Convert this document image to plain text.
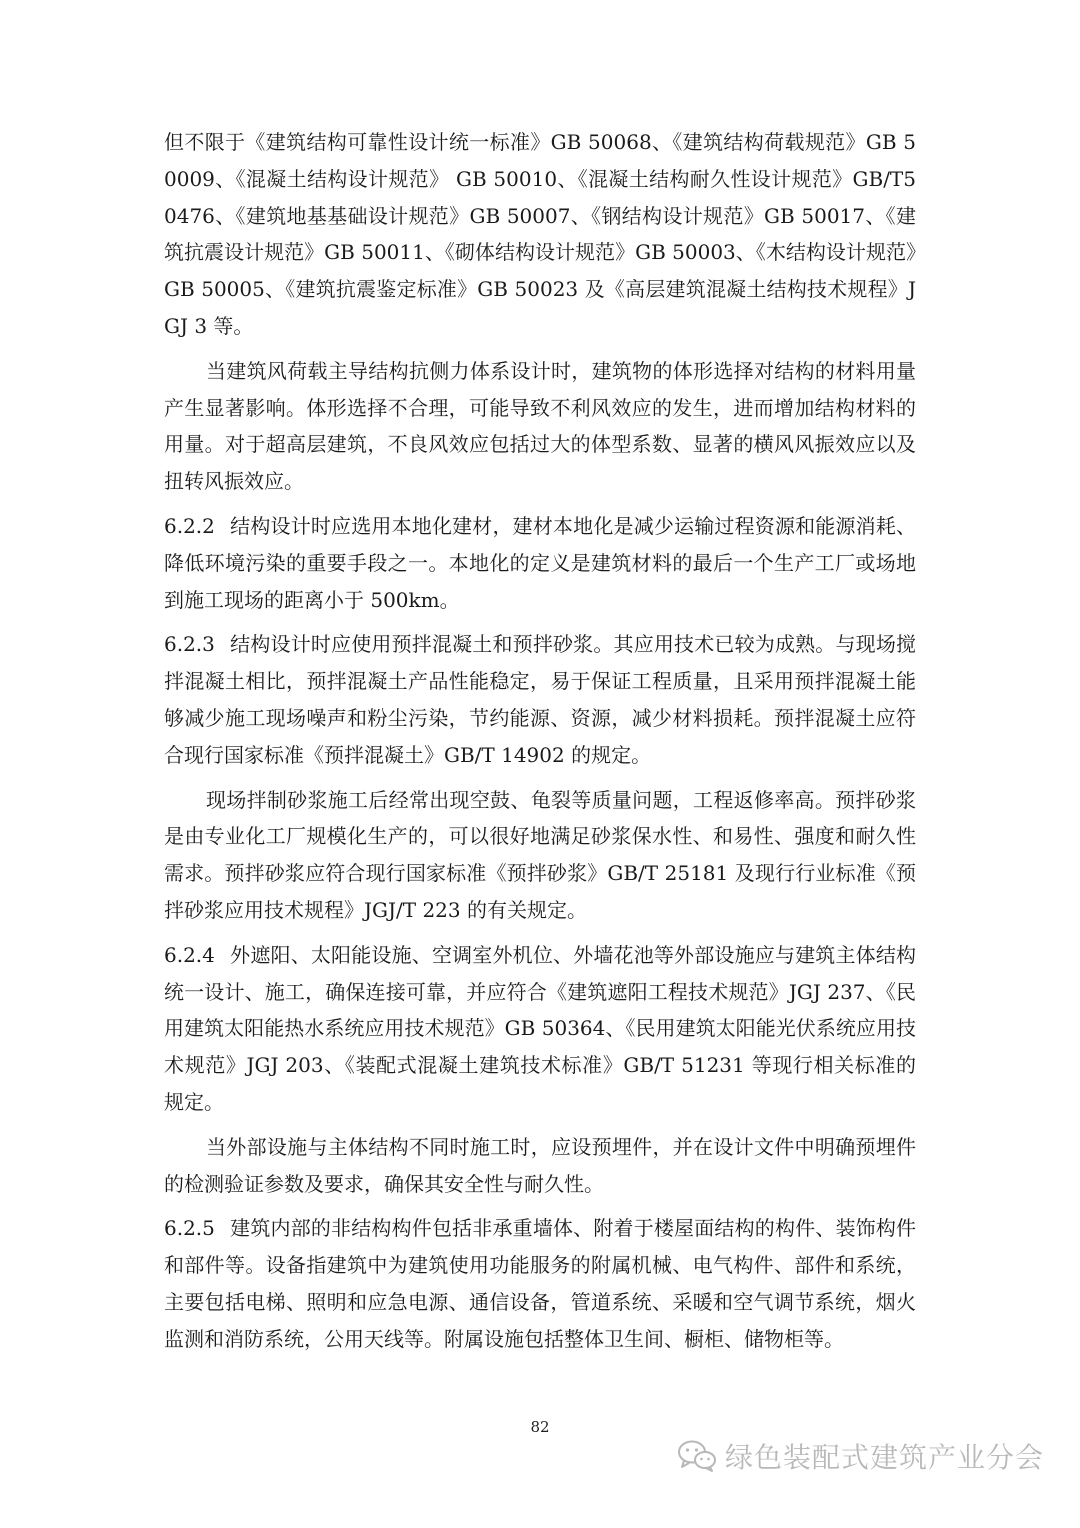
但不限于《建筑结构可靠性设计统一标准》GB 50068、《建筑结构荷载规范》GB 50009、《混凝土结构设计规范》 GB 50010、《混凝土结构耐久性设计规范》GB/T50476、《建筑地基基础设计规范》GB 50007、《钢结构设计规范》GB 50017、《建筑抗震设计规范》GB 50011、《砌体结构设计规范》GB 50003、《木结构设计规范》GB 50005、《建筑抗震鉴定标准》GB 50023 及《高层建筑混凝土结构技术规程》JGJ 3 等。

当建筑风荷载主导结构抗侧力体系设计时，建筑物的体形选择对结构的材料用量产生显著影响。体形选择不合理，可能导致不利风效应的发生，进而增加结构材料的用量。对于超高层建筑，不良风效应包括过大的体型系数、显著的横风风振效应以及扭转风振效应。

6.2.2 结构设计时应选用本地化建材，建材本地化是减少运输过程资源和能源消耗、降低环境污染的重要手段之一。本地化的定义是建筑材料的最后一个生产工厂或场地到施工现场的距离小于 500km。

6.2.3 结构设计时应使用预拌混凝土和预拌砂浆。其应用技术已较为成熟。与现场搅拌混凝土相比，预拌混凝土产品性能稳定，易于保证工程质量，且采用预拌混凝土能够减少施工现场噪声和粉尘污染，节约能源、资源，减少材料损耗。预拌混凝土应符合现行国家标准《预拌混凝土》GB/T 14902 的规定。

现场拌制砂浆施工后经常出现空鼓、龟裂等质量问题，工程返修率高。预拌砂浆是由专业化工厂规模化生产的，可以很好地满足砂浆保水性、和易性、强度和耐久性需求。预拌砂浆应符合现行国家标准《预拌砂浆》GB/T 25181 及现行行业标准《预拌砂浆应用技术规程》JGJ/T 223 的有关规定。

6.2.4 外遮阳、太阳能设施、空调室外机位、外墙花池等外部设施应与建筑主体结构统一设计、施工，确保连接可靠，并应符合《建筑遮阳工程技术规范》JGJ 237、《民用建筑太阳能热水系统应用技术规范》GB 50364、《民用建筑太阳能光伏系统应用技术规范》JGJ 203、《装配式混凝土建筑技术标准》GB/T 51231 等现行相关标准的规定。

当外部设施与主体结构不同时施工时，应设预埋件，并在设计文件中明确预埋件的检测验证参数及要求，确保其安全性与耐久性。

6.2.5 建筑内部的非结构构件包括非承重墙体、附着于楼屋面结构的构件、装饰构件和部件等。设备指建筑中为建筑使用功能服务的附属机械、电气构件、部件和系统，主要包括电梯、照明和应急电源、通信设备，管道系统、采暖和空气调节系统，烟火监测和消防系统，公用天线等。附属设施包括整体卫生间、橱柜、储物柜等。

82
绿色装配式建筑产业分会
